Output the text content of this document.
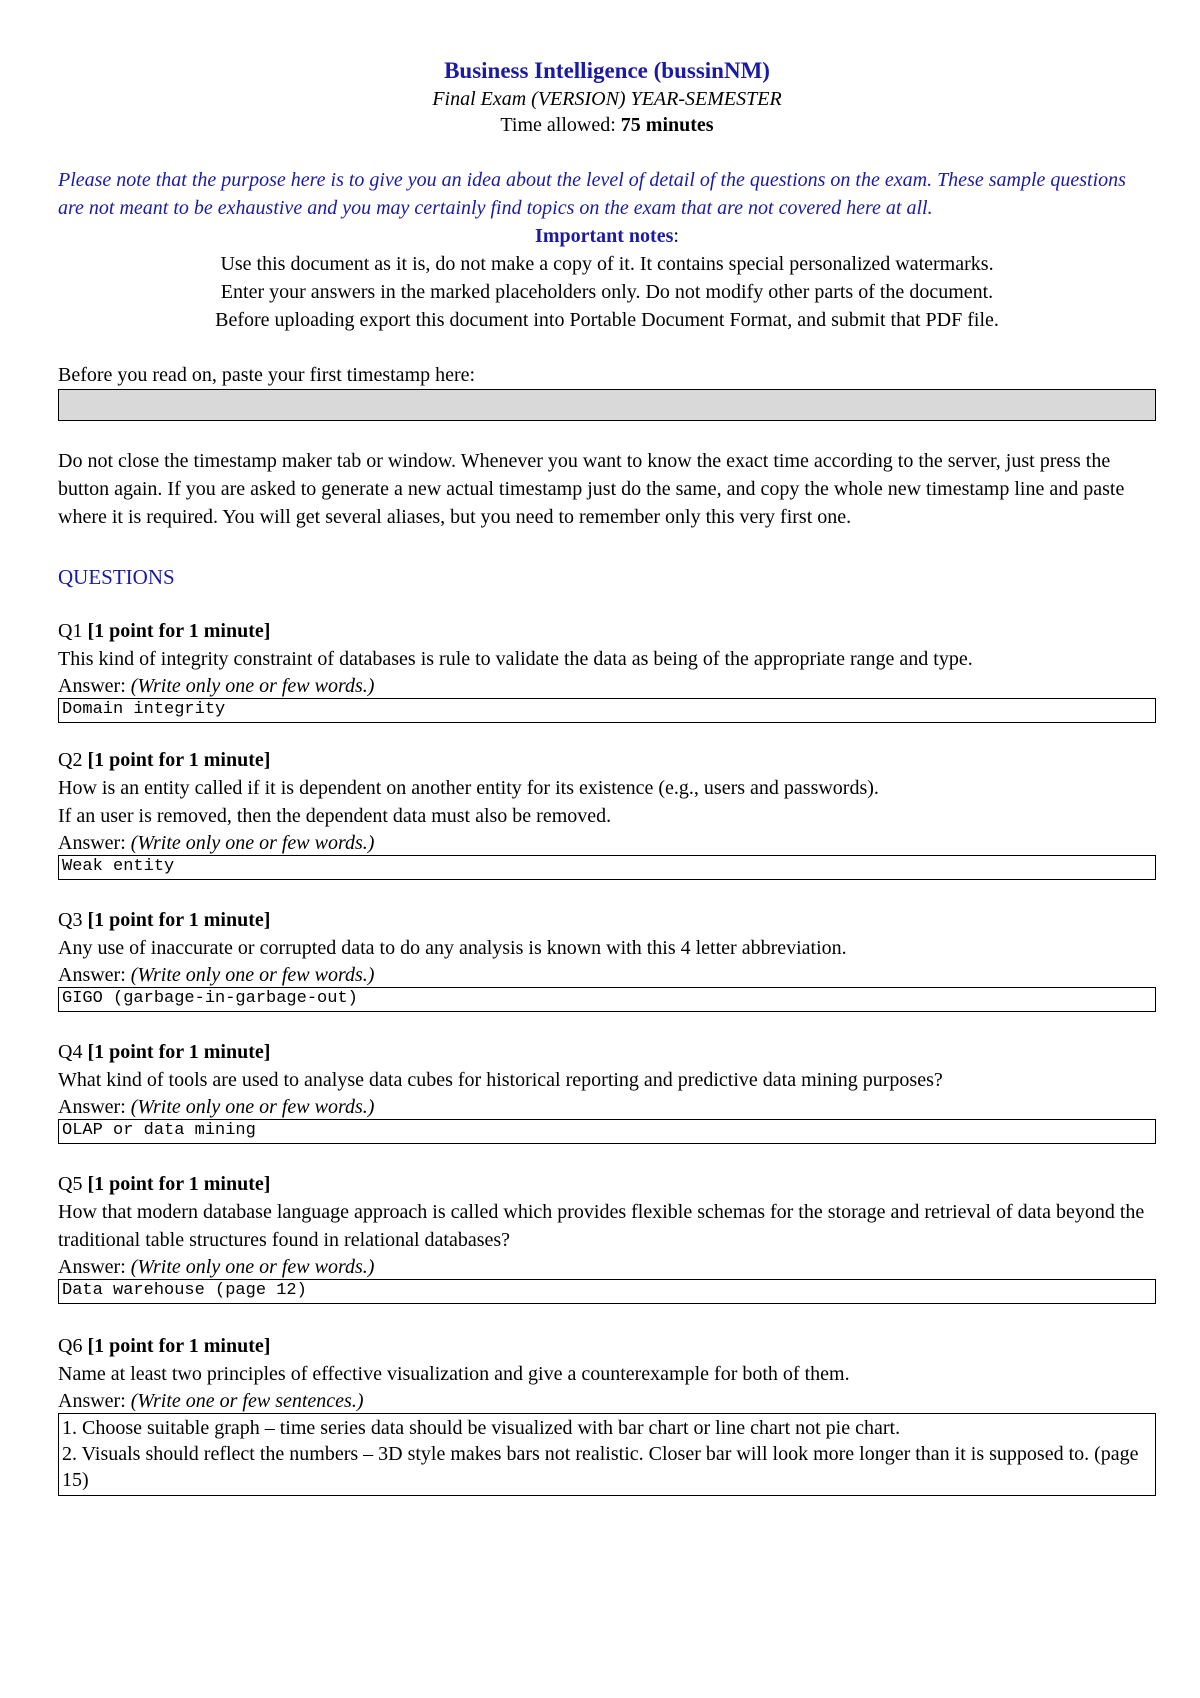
Business Intelligence (bussinNM)
Final Exam (VERSION) YEAR-SEMESTER
Time allowed: 75 minutes
Please note that the purpose here is to give you an idea about the level of detail of the questions on the exam. These sample questions are not meant to be exhaustive and you may certainly find topics on the exam that are not covered here at all.
Important notes:
Use this document as it is, do not make a copy of it. It contains special personalized watermarks.
Enter your answers in the marked placeholders only. Do not modify other parts of the document.
Before uploading export this document into Portable Document Format, and submit that PDF file.
Before you read on, paste your first timestamp here:
Do not close the timestamp maker tab or window. Whenever you want to know the exact time according to the server, just press the button again. If you are asked to generate a new actual timestamp just do the same, and copy the whole new timestamp line and paste where it is required. You will get several aliases, but you need to remember only this very first one.
QUESTIONS
Q1 [1 point for 1 minute]
This kind of integrity constraint of databases is rule to validate the data as being of the appropriate range and type.
Answer: (Write only one or few words.)
Domain integrity
Q2 [1 point for 1 minute]
How is an entity called if it is dependent on another entity for its existence (e.g., users and passwords).
If an user is removed, then the dependent data must also be removed.
Answer: (Write only one or few words.)
Weak entity
Q3 [1 point for 1 minute]
Any use of inaccurate or corrupted data to do any analysis is known with this 4 letter abbreviation.
Answer: (Write only one or few words.)
GIGO (garbage-in-garbage-out)
Q4 [1 point for 1 minute]
What kind of tools are used to analyse data cubes for historical reporting and predictive data mining purposes?
Answer: (Write only one or few words.)
OLAP or data mining
Q5 [1 point for 1 minute]
How that modern database language approach is called which provides flexible schemas for the storage and retrieval of data beyond the traditional table structures found in relational databases?
Answer: (Write only one or few words.)
Data warehouse (page 12)
Q6 [1 point for 1 minute]
Name at least two principles of effective visualization and give a counterexample for both of them.
Answer: (Write one or few sentences.)
1. Choose suitable graph – time series data should be visualized with bar chart or line chart not pie chart.
2. Visuals should reflect the numbers – 3D style makes bars not realistic. Closer bar will look more longer than it is supposed to. (page 15)
